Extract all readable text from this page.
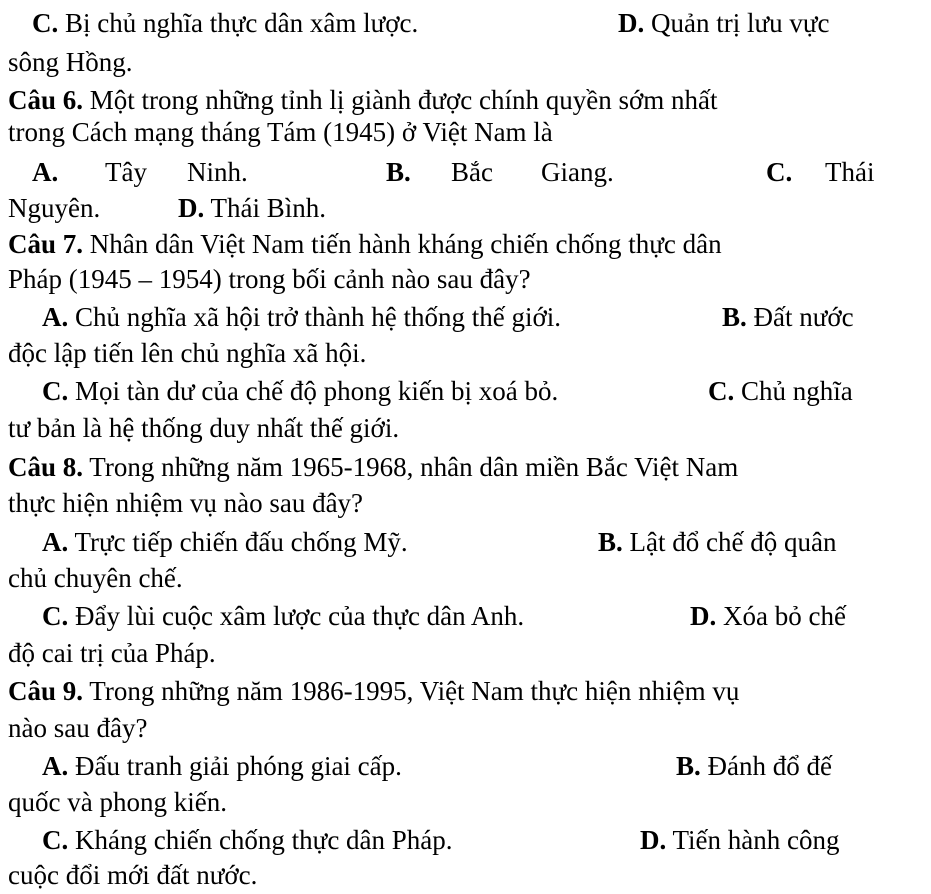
C. Bị chủ nghĩa thực dân xâm lược.	D. Quản trị lưu vực
sông Hồng.
Câu 6. Một trong những tỉnh lị giành được chính quyền sớm nhất
trong Cách mạng tháng Tám (1945) ở Việt Nam là
A. Tây Ninh.	B. Bắc Giang.	C. Thái
Nguyên.	D. Thái Bình.
Câu 7. Nhân dân Việt Nam tiến hành kháng chiến chống thực dân
Pháp (1945 – 1954) trong bối cảnh nào sau đây?
A. Chủ nghĩa xã hội trở thành hệ thống thế giới.	B. Đất nước
độc lập tiến lên chủ nghĩa xã hội.
C. Mọi tàn dư của chế độ phong kiến bị xoá bỏ.	C. Chủ nghĩa
tư bản là hệ thống duy nhất thế giới.
Câu 8. Trong những năm 1965-1968, nhân dân miền Bắc Việt Nam
thực hiện nhiệm vụ nào sau đây?
A. Trực tiếp chiến đấu chống Mỹ.	B. Lật đổ chế độ quân
chủ chuyên chế.
C. Đẩy lùi cuộc xâm lược của thực dân Anh.	D. Xóa bỏ chế
độ cai trị của Pháp.
Câu 9. Trong những năm 1986-1995, Việt Nam thực hiện nhiệm vụ
nào sau đây?
A. Đấu tranh giải phóng giai cấp.	B. Đánh đổ đế
quốc và phong kiến.
C. Kháng chiến chống thực dân Pháp.	D. Tiến hành công
cuộc đổi mới đất nước.
